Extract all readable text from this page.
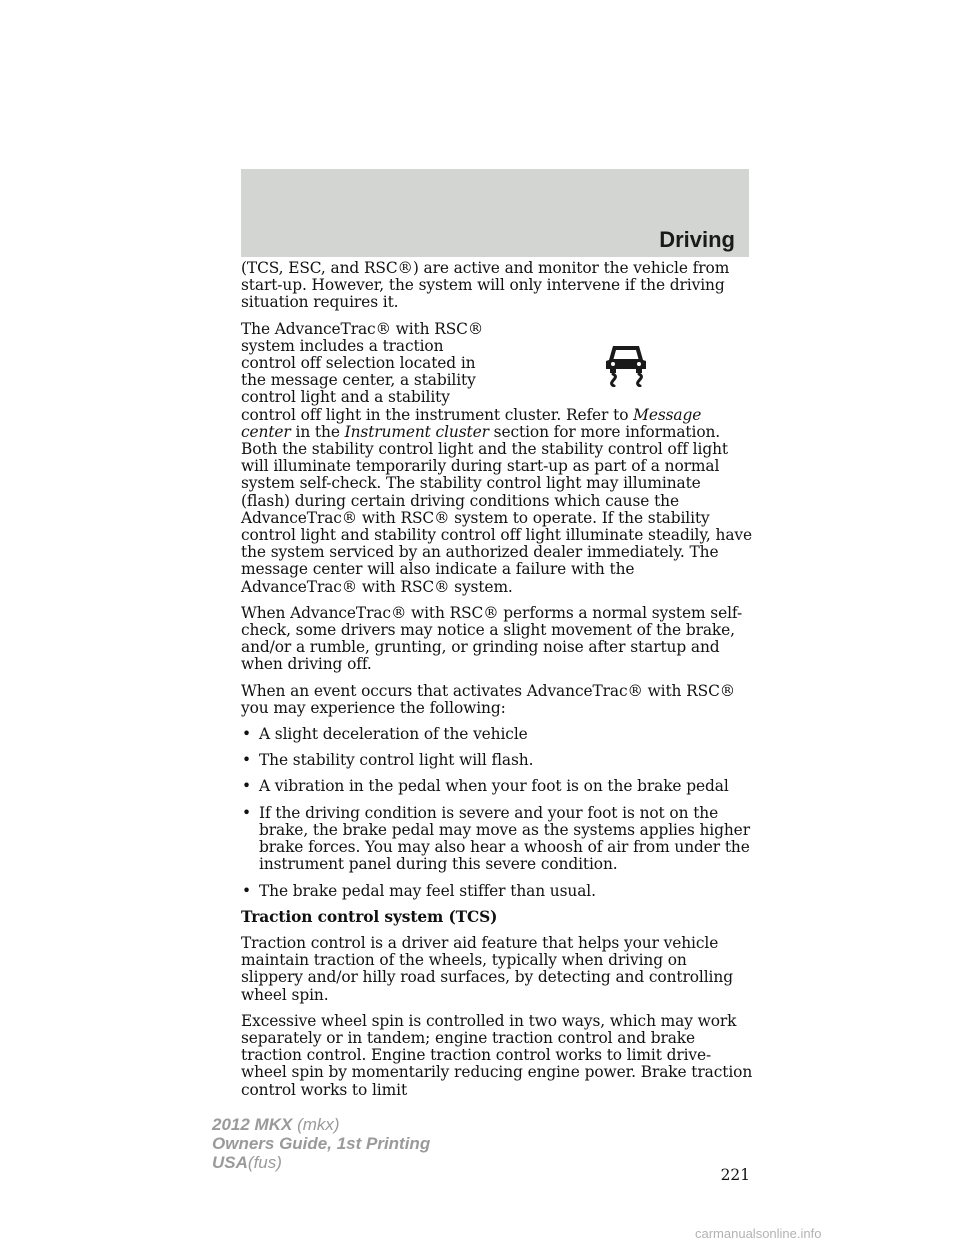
Driving

(TCS, ESC, and RSC®) are active and monitor the vehicle from start-up. However, the system will only intervene if the driving situation requires it.

The AdvanceTrac® with RSC® system includes a traction control off selection located in the message center, a stability control light and a stability control off light in the instrument cluster. Refer to Message center in the Instrument cluster section for more information. Both the stability control light and the stability control off light will illuminate temporarily during start-up as part of a normal system self-check. The stability control light may illuminate (flash) during certain driving conditions which cause the AdvanceTrac® with RSC® system to operate. If the stability control light and stability control off light illuminate steadily, have the system serviced by an authorized dealer immediately. The message center will also indicate a failure with the AdvanceTrac® with RSC® system.

When AdvanceTrac® with RSC® performs a normal system self-check, some drivers may notice a slight movement of the brake, and/or a rumble, grunting, or grinding noise after startup and when driving off.

When an event occurs that activates AdvanceTrac® with RSC® you may experience the following:

• A slight deceleration of the vehicle
• The stability control light will flash.
• A vibration in the pedal when your foot is on the brake pedal
• If the driving condition is severe and your foot is not on the brake, the brake pedal may move as the systems applies higher brake forces. You may also hear a whoosh of air from under the instrument panel during this severe condition.
• The brake pedal may feel stiffer than usual.

Traction control system (TCS)

Traction control is a driver aid feature that helps your vehicle maintain traction of the wheels, typically when driving on slippery and/or hilly road surfaces, by detecting and controlling wheel spin.

Excessive wheel spin is controlled in two ways, which may work separately or in tandem; engine traction control and brake traction control. Engine traction control works to limit drive-wheel spin by momentarily reducing engine power. Brake traction control works to limit

221
2012 MKX (mkx)
Owners Guide, 1st Printing
USA(fus)
carmanualsonline.info
